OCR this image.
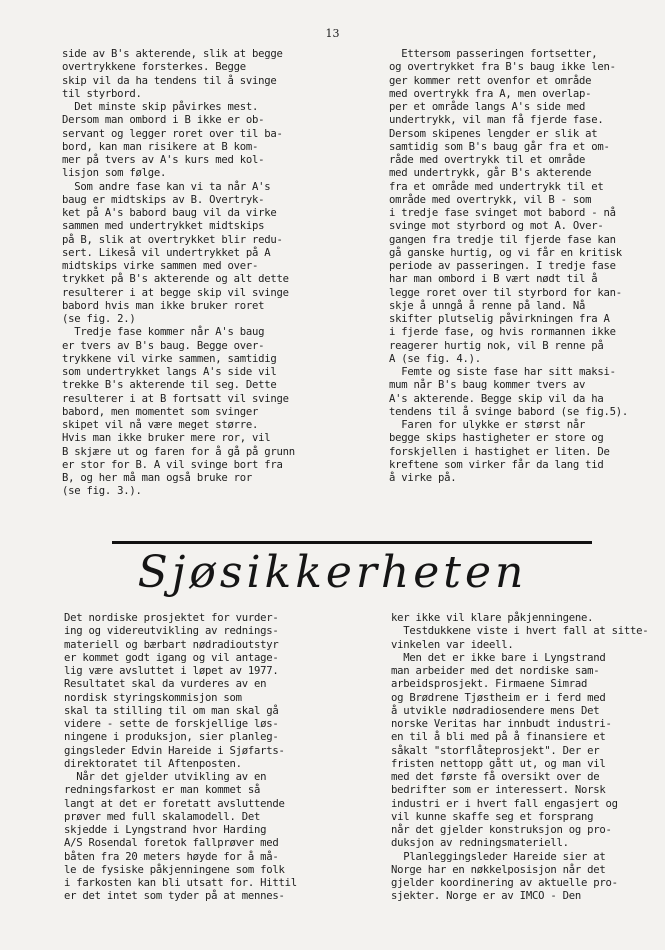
13

side av B's akterende, slik at begge

overtrykkene forsterkes. Begge

skip vil da ha tendens til å svinge

til styrbord.

Det minste skip påvirkes mest.

Dersom man ombord i B ikke er ob-

servant og legger roret over til ba-

bord, kan man risikere at B kom-

mer på tvers av A's kurs med kol-

lisjon som følge.

Som andre fase kan vi ta når A's

baug er midtskips av B. Overtryk-

ket på A's babord baug vil da virke

sammen med undertrykket midtskips

på B, slik at overtrykket blir redu-

sert. Likeså vil undertrykket på A

midtskips virke sammen med over-

trykket på B's akterende og alt dette

resulterer i at begge skip vil svinge

babord hvis man ikke bruker roret

(se fig. 2.)

Tredje fase kommer når A's baug

er tvers av B's baug. Begge over-

trykkene vil virke sammen, samtidig

som undertrykket langs A's side vil

trekke B's akterende til seg. Dette

resulterer i at B fortsatt vil svinge

babord, men momentet som svinger

skipet vil nå være meget større.

Hvis man ikke bruker mere ror, vil

B skjære ut og faren for å gå på grunn

er stor for B. A vil svinge bort fra

B, og her må man også bruke ror

(se fig. 3.).

Ettersom passeringen fortsetter,

og overtrykket fra B's baug ikke len-

ger kommer rett ovenfor et område

med overtrykk fra A, men overlap-

per et område langs A's side med

undertrykk, vil man få fjerde fase.

Dersom skipenes lengder er slik at

samtidig som B's baug går fra et om-

råde med overtrykk til et område

med undertrykk, går B's akterende

fra et område med undertrykk til et

område med overtrykk, vil B - som

i tredje fase svinget mot babord - nå

svinge mot styrbord og mot A. Over-

gangen fra tredje til fjerde fase kan

gå ganske hurtig, og vi får en kritisk

periode av passeringen. I tredje fase

har man ombord i B vært nødt til å

legge roret over til styrbord for kan-

skje å unngå å renne på land. Nå

skifter plutselig påvirkningen fra A

i fjerde fase, og hvis rormannen ikke

reagerer hurtig nok, vil B renne på

A (se fig. 4.).

Femte og siste fase har sitt maksi-

mum når B's baug kommer tvers av

A's akterende. Begge skip vil da ha

tendens til å svinge babord (se fig.5).

Faren for ulykke er størst når

begge skips hastigheter er store og

forskjellen i hastighet er liten. De

kreftene som virker får da lang tid

å virke på.

Sjøsikkerheten

Det nordiske prosjektet for vurder-

ing og videreutvikling av rednings-

materiell og bærbart nødradioutstyr

er kommet godt igang og vil antage-

lig være avsluttet i løpet av 1977.

Resultatet skal da vurderes av en

nordisk styringskommisjon som

skal ta stilling til om man skal gå

videre - sette de forskjellige løs-

ningene i produksjon, sier planleg-

gingsleder Edvin Hareide i Sjøfarts-

direktoratet til Aftenposten.

Når det gjelder utvikling av en

redningsfarkost er man kommet så

langt at det er foretatt avsluttende

prøver med full skalamodell. Det

skjedde i Lyngstrand hvor Harding

A/S Rosendal foretok fallprøver med

båten fra 20 meters høyde for å må-

le de fysiske påkjenningene som folk

i farkosten kan bli utsatt for. Hittil

er det intet som tyder på at mennes-

ker ikke vil klare påkjenningene.

Testdukkene viste i hvert fall at sitte-

vinkelen var ideell.

Men det er ikke bare i Lyngstrand

man arbeider med det nordiske sam-

arbeidsprosjekt. Firmaene Simrad

og Brødrene Tjøstheim er i ferd med

å utvikle nødradiosendere mens Det

norske Veritas har innbudt industri-

en til å bli med på å finansiere et

såkalt "storflåteprosjekt". Der er

fristen nettopp gått ut, og man vil

med det første få oversikt over de

bedrifter som er interessert. Norsk

industri er i hvert fall engasjert og

vil kunne skaffe seg et forsprang

når det gjelder konstruksjon og pro-

duksjon av redningsmateriell.

Planleggingsleder Hareide sier at

Norge har en nøkkelposisjon når det

gjelder koordinering av aktuelle pro-

sjekter. Norge er av IMCO - Den
